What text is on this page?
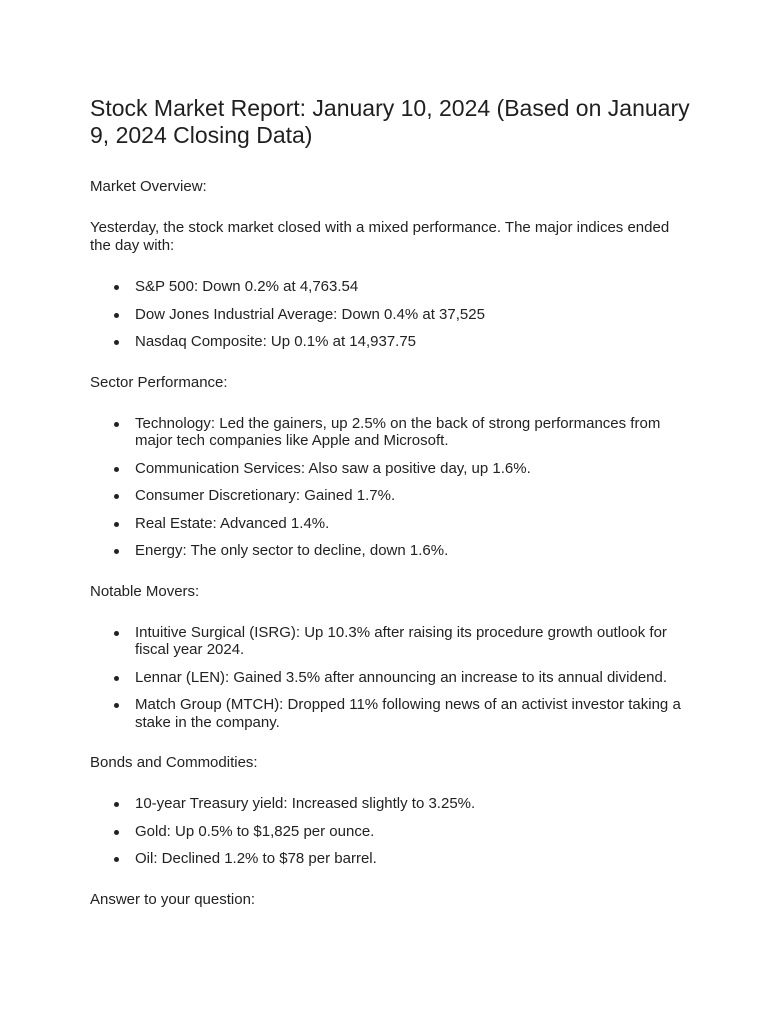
Stock Market Report: January 10, 2024 (Based on January 9, 2024 Closing Data)

Market Overview:

Yesterday, the stock market closed with a mixed performance. The major indices ended the day with:

S&P 500: Down 0.2% at 4,763.54
Dow Jones Industrial Average: Down 0.4% at 37,525
Nasdaq Composite: Up 0.1% at 14,937.75

Sector Performance:

Technology: Led the gainers, up 2.5% on the back of strong performances from major tech companies like Apple and Microsoft.
Communication Services: Also saw a positive day, up 1.6%.
Consumer Discretionary: Gained 1.7%.
Real Estate: Advanced 1.4%.
Energy: The only sector to decline, down 1.6%.

Notable Movers:

Intuitive Surgical (ISRG): Up 10.3% after raising its procedure growth outlook for fiscal year 2024.
Lennar (LEN): Gained 3.5% after announcing an increase to its annual dividend.
Match Group (MTCH): Dropped 11% following news of an activist investor taking a stake in the company.

Bonds and Commodities:

10-year Treasury yield: Increased slightly to 3.25%.
Gold: Up 0.5% to $1,825 per ounce.
Oil: Declined 1.2% to $78 per barrel.

Answer to your question:
